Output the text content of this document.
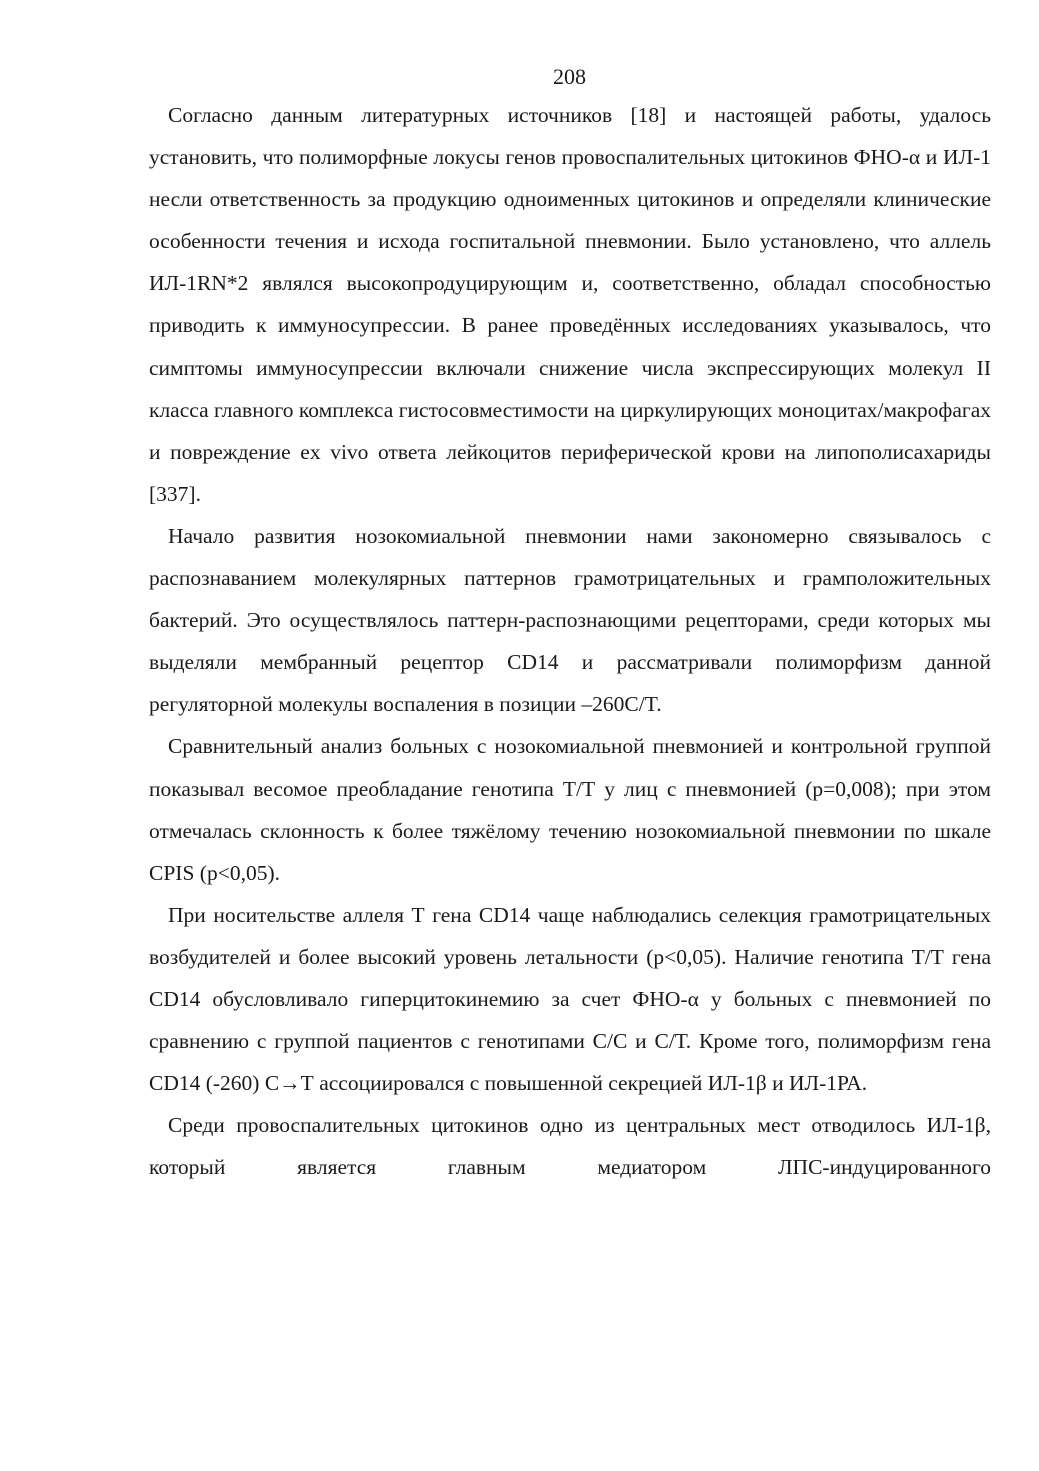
208

Согласно данным литературных источников [18] и настоящей работы, удалось установить, что полиморфные локусы генов провоспалительных цитокинов ФНО-α и ИЛ-1 несли ответственность за продукцию одноименных цитокинов и определяли клинические особенности течения и исхода госпитальной пневмонии. Было установлено, что аллель ИЛ-1RN*2 являлся высокопродуцирующим и, соответственно, обладал способностью приводить к иммуносупрессии. В ранее проведённых исследованиях указывалось, что симптомы иммуносупрессии включали снижение числа экспрессирующих молекул II класса главного комплекса гистосовместимости на циркулирующих моноцитах/макрофагах и повреждение ex vivo ответа лейкоцитов периферической крови на липополисахариды [337].

Начало развития нозокомиальной пневмонии нами закономерно связывалось с распознаванием молекулярных паттернов грамотрицательных и грамположительных бактерий. Это осуществлялось паттерн-распознающими рецепторами, среди которых мы выделяли мембранный рецептор CD14 и рассматривали полиморфизм данной регуляторной молекулы воспаления в позиции –260C/T.

Сравнительный анализ больных с нозокомиальной пневмонией и контрольной группой показывал весомое преобладание генотипа Т/Т у лиц с пневмонией (p=0,008); при этом отмечалась склонность к более тяжёлому течению нозокомиальной пневмонии по шкале CPIS (p<0,05).

При носительстве аллеля Т гена CD14 чаще наблюдались селекция грамотрицательных возбудителей и более высокий уровень летальности (p<0,05). Наличие генотипа Т/Т гена CD14 обусловливало гиперцитокинемию за счет ФНО-α у больных с пневмонией по сравнению с группой пациентов с генотипами С/С и С/Т. Кроме того, полиморфизм гена CD14 (-260) С→Т ассоциировался с повышенной секрецией ИЛ-1β и ИЛ-1РА.

Среди провоспалительных цитокинов одно из центральных мест отводилось ИЛ-1β, который является главным медиатором ЛПС-индуцированного
